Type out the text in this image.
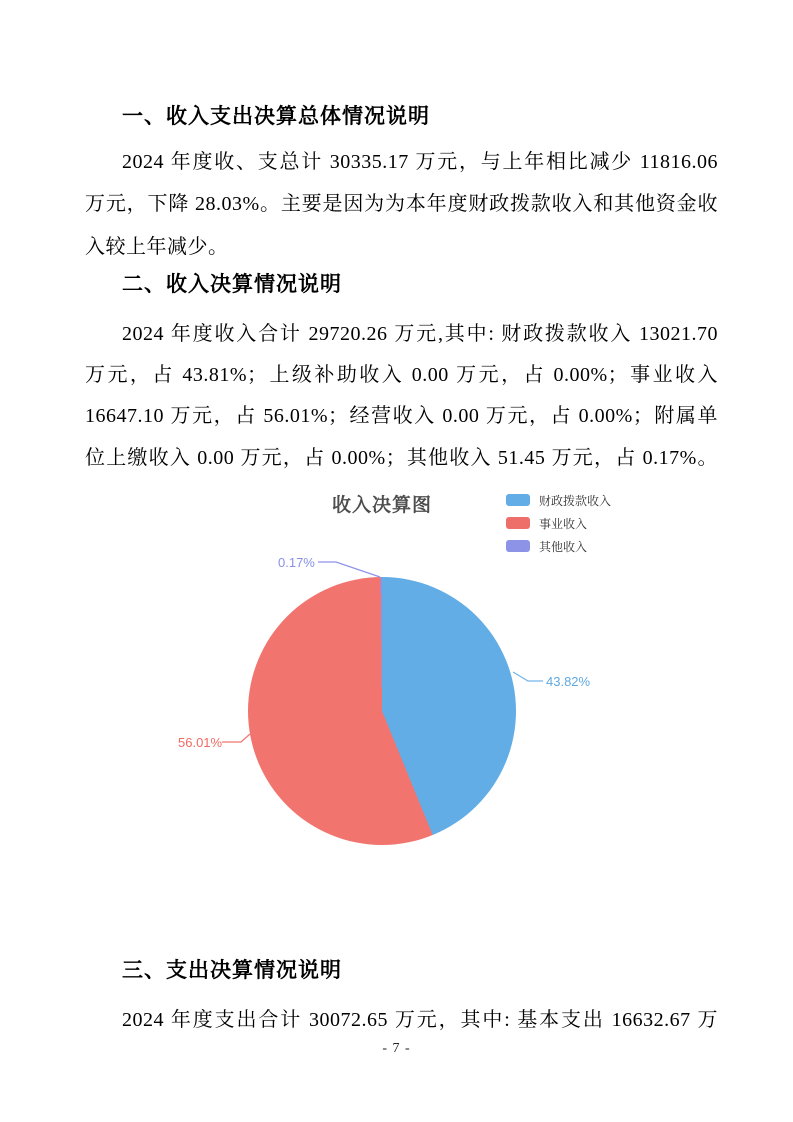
一、收入支出决算总体情况说明
2024 年度收、支总计 30335.17 万元，与上年相比减少 11816.06
万元，下降 28.03%。主要是因为为本年度财政拨款收入和其他资金收
入较上年减少。
二、收入决算情况说明
2024 年度收入合计 29720.26 万元,其中: 财政拨款收入 13021.70
万元，占 43.81%；上级补助收入 0.00 万元，占 0.00%；事业收入
16647.10 万元，占 56.01%；经营收入 0.00 万元，占 0.00%；附属单
位上缴收入 0.00 万元，占 0.00%；其他收入 51.45 万元，占 0.17%。
收入决算图	财政拨款收入
事业收入
其他收入
0.17%
43.82%
56.01%
三、支出决算情况说明
2024 年度支出合计 30072.65 万元，其中: 基本支出 16632.67 万
- 7 -
